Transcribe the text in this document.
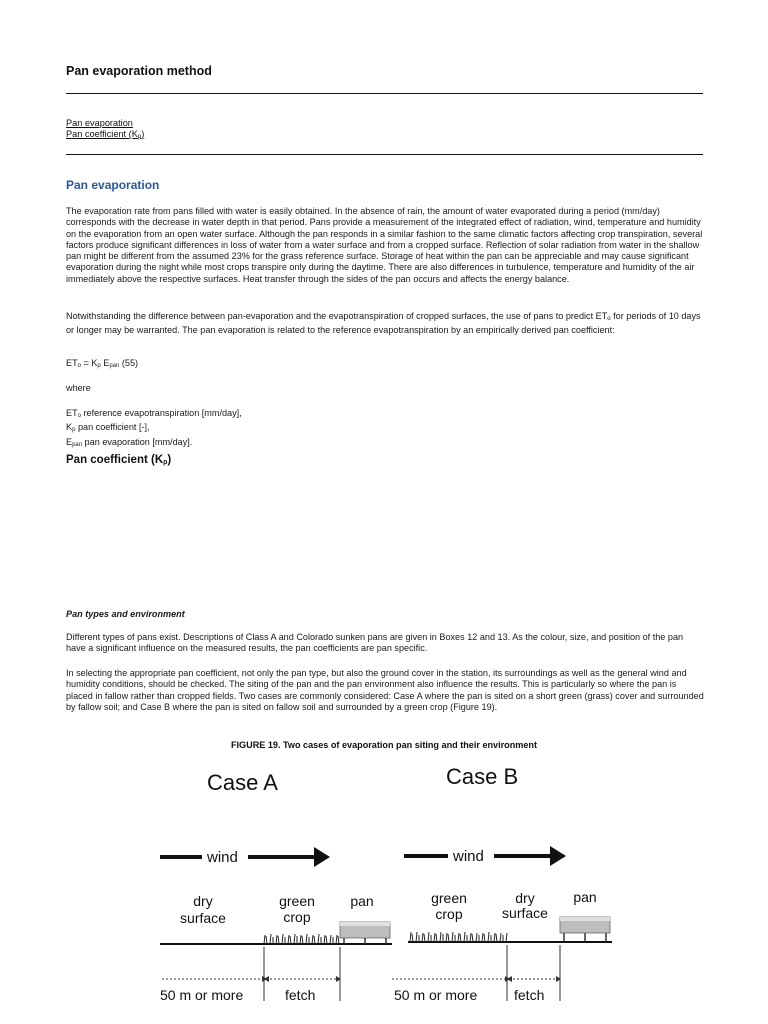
Pan evaporation method
Pan evaporation
Pan coefficient $(K_p)$
Pan evaporation

The evaporation rate from pans filled with water is easily obtained. In the absence of rain, the amount of water evaporated during a period (mm/day) corresponds with the decrease in water depth in that period. Pans provide a measurement of the integrated effect of radiation, wind, temperature and humidity on the evaporation from an open water surface. Although the pan responds in a similar fashion to the same climatic factors affecting crop transpiration, several factors produce significant differences in loss of water from a water surface and from a cropped surface. Reflection of solar radiation from water in the shallow pan might be different from the assumed 23% for the grass reference surface. Storage of heat within the pan can be appreciable and may cause significant evaporation during the night while most crops transpire only during the daytime. There are also differences in turbulence, temperature and humidity of the air immediately above the respective surfaces. Heat transfer through the sides of the pan occurs and affects the energy balance.

Notwithstanding the difference between pan-evaporation and the evapotranspiration of cropped surfaces, the use of pans to predict $ET_o$ for periods of 10 days or longer may be warranted. The pan evaporation is related to the reference evapotranspiration by an empirically derived pan coefficient:

$ET_o = K_p$ $E_{pan}$ (55)
where
$ET_o$ reference evapotranspiration [mm/day],
$K_p$ pan coefficient [-],
$E_{pan}$ pan evaporation [mm/day].
Pan coefficient $(K_p)$
Pan types and environment

Different types of pans exist. Descriptions of Class A and Colorado sunken pans are given in Boxes 12 and 13. As the colour, size, and position of the pan have a significant influence on the measured results, the pan coefficients are pan specific.

In selecting the appropriate pan coefficient, not only the pan type, but also the ground cover in the station, its surroundings as well as the general wind and humidity conditions, should be checked. The siting of the pan and the pan environment also influence the results. This is particularly so where the pan is placed in fallow rather than cropped fields. Two cases are commonly considered: Case A where the pan is sited on a short green (grass) cover and surrounded by fallow soil; and Case B where the pan is sited on fallow soil and surrounded by a green crop (Figure 19).

FIGURE 19. Two cases of evaporation pan siting and their environment
Case A
wind
dry
surface
green
crop
pan
50 m or more	fetch
Case B
wind
green
crop
dry
surface
pan
50 m or more	fetch
